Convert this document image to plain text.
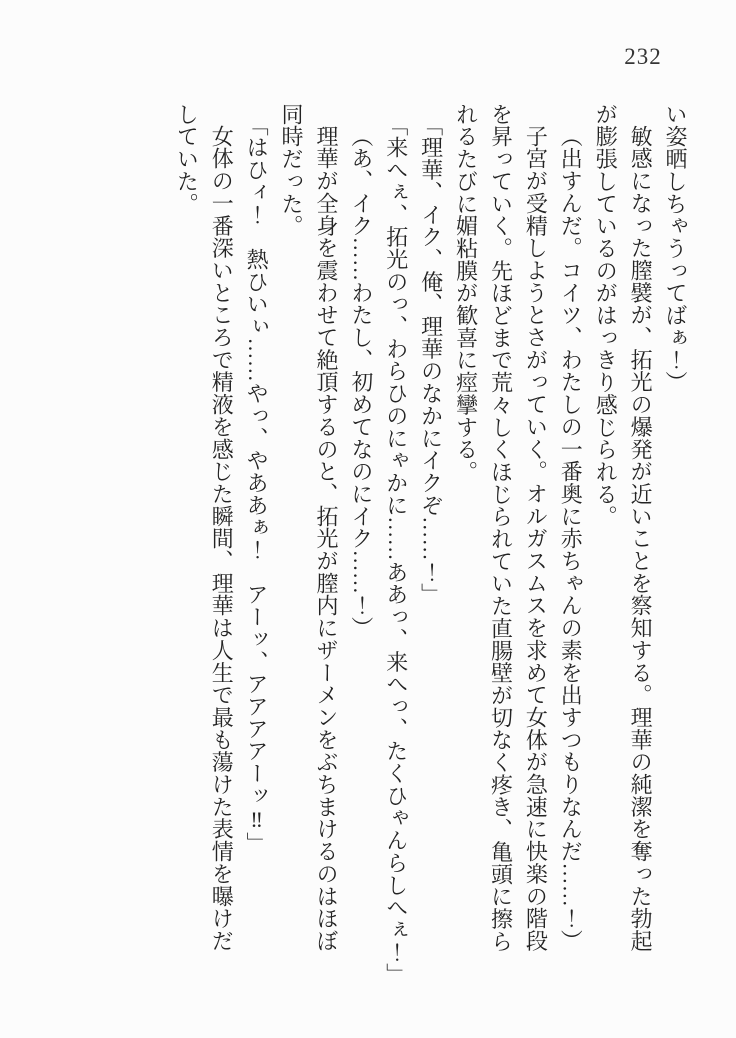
232

い姿晒しちゃうってばぁ！）

敏感になった膣襞が、拓光の爆発が近いことを察知する。理華の純潔を奪った勃起

が膨張しているのがはっきり感じられる。

（出すんだ。コイツ、わたしの一番奥に赤ちゃんの素を出すつもりなんだ……！）

子宮が受精しようとさがっていく。オルガスムスを求めて女体が急速に快楽の階段

を昇っていく。先ほどまで荒々しくほじられていた直腸壁が切なく疼き、亀頭に擦ら

れるたびに媚粘膜が歓喜に痙攣する。

「理華、イク、俺、理華のなかにイクぞ……！」

「来へぇ、拓光のっ、わらひのにゃかに……ああっ、来へっ、たくひゃんらしへぇ！」

（あ、イク……わたし、初めてなのにイク……！）

理華が全身を震わせて絶頂するのと、拓光が膣内にザーメンをぶちまけるのはほぼ

同時だった。

「はひィ！　熱ひいぃ……やっ、やああぁ！　アーッ、アアアアーッ‼」

女体の一番深いところで精液を感じた瞬間、理華は人生で最も蕩けた表情を曝けだ

していた。
